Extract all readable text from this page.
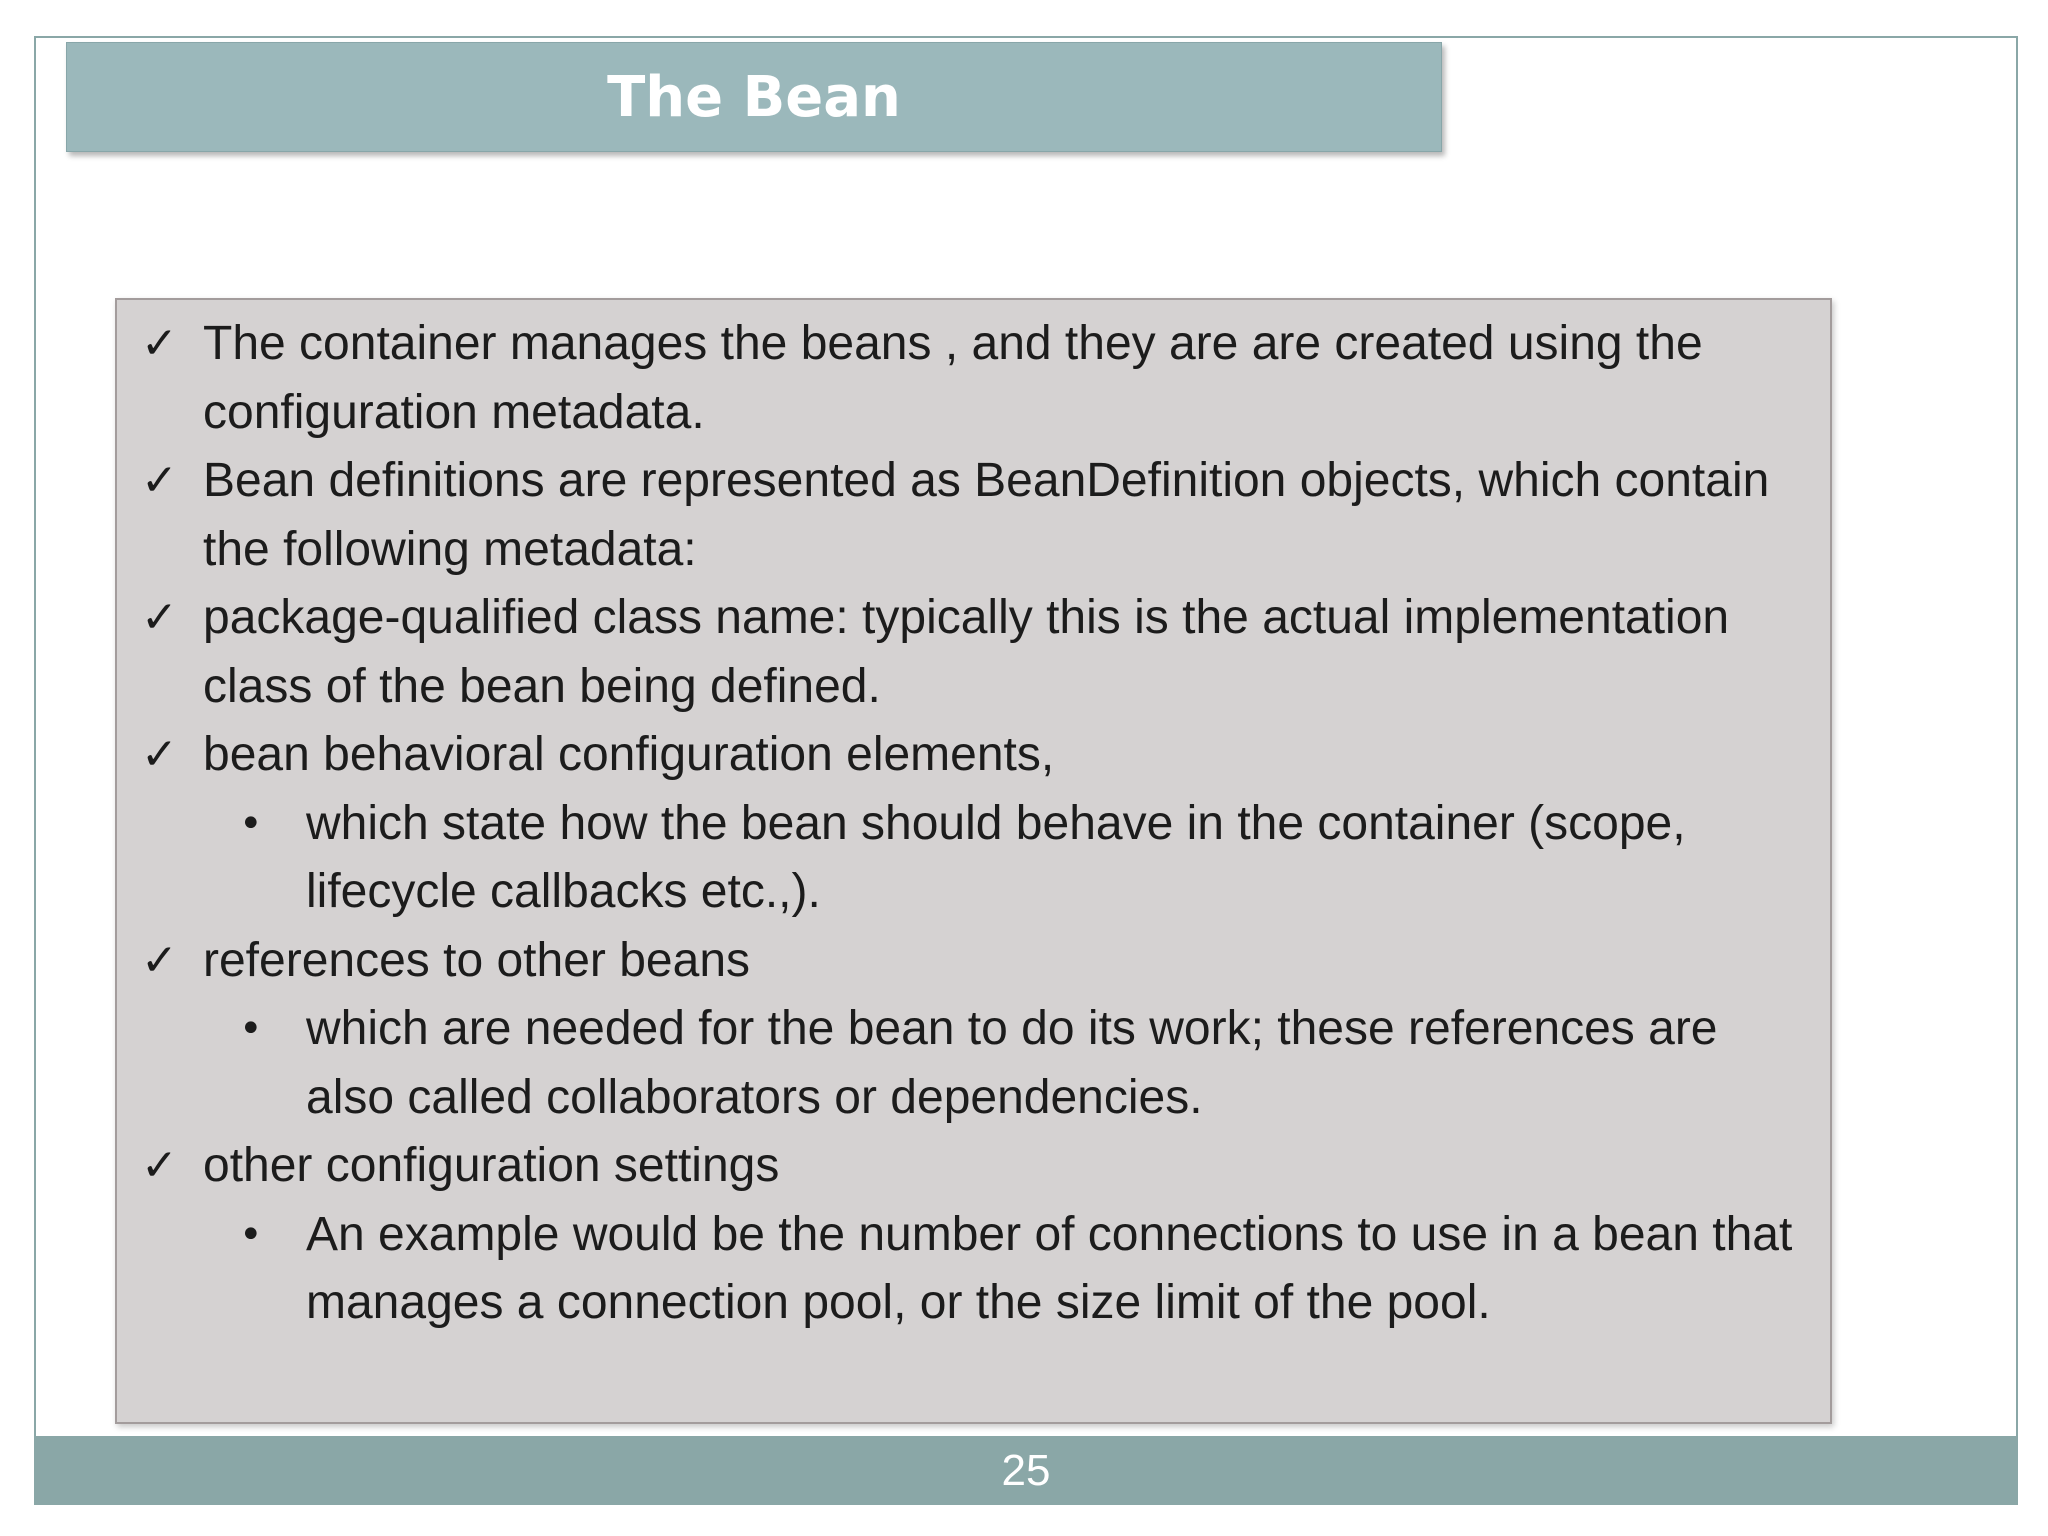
The Bean
✓ The container manages the beans , and they are are created using the configuration metadata.
✓ Bean definitions are represented as BeanDefinition objects, which contain the following metadata:
✓ package-qualified class name: typically this is the actual implementation class of the bean being defined.
✓ bean behavioral configuration elements,
• which state how the bean should behave in the container (scope, lifecycle callbacks etc.,).
✓ references to other beans
• which are needed for the bean to do its work; these references are also called collaborators or dependencies.
✓ other configuration settings
• An example would be the number of connections to use in a bean that manages a connection pool, or the size limit of the pool.
25
